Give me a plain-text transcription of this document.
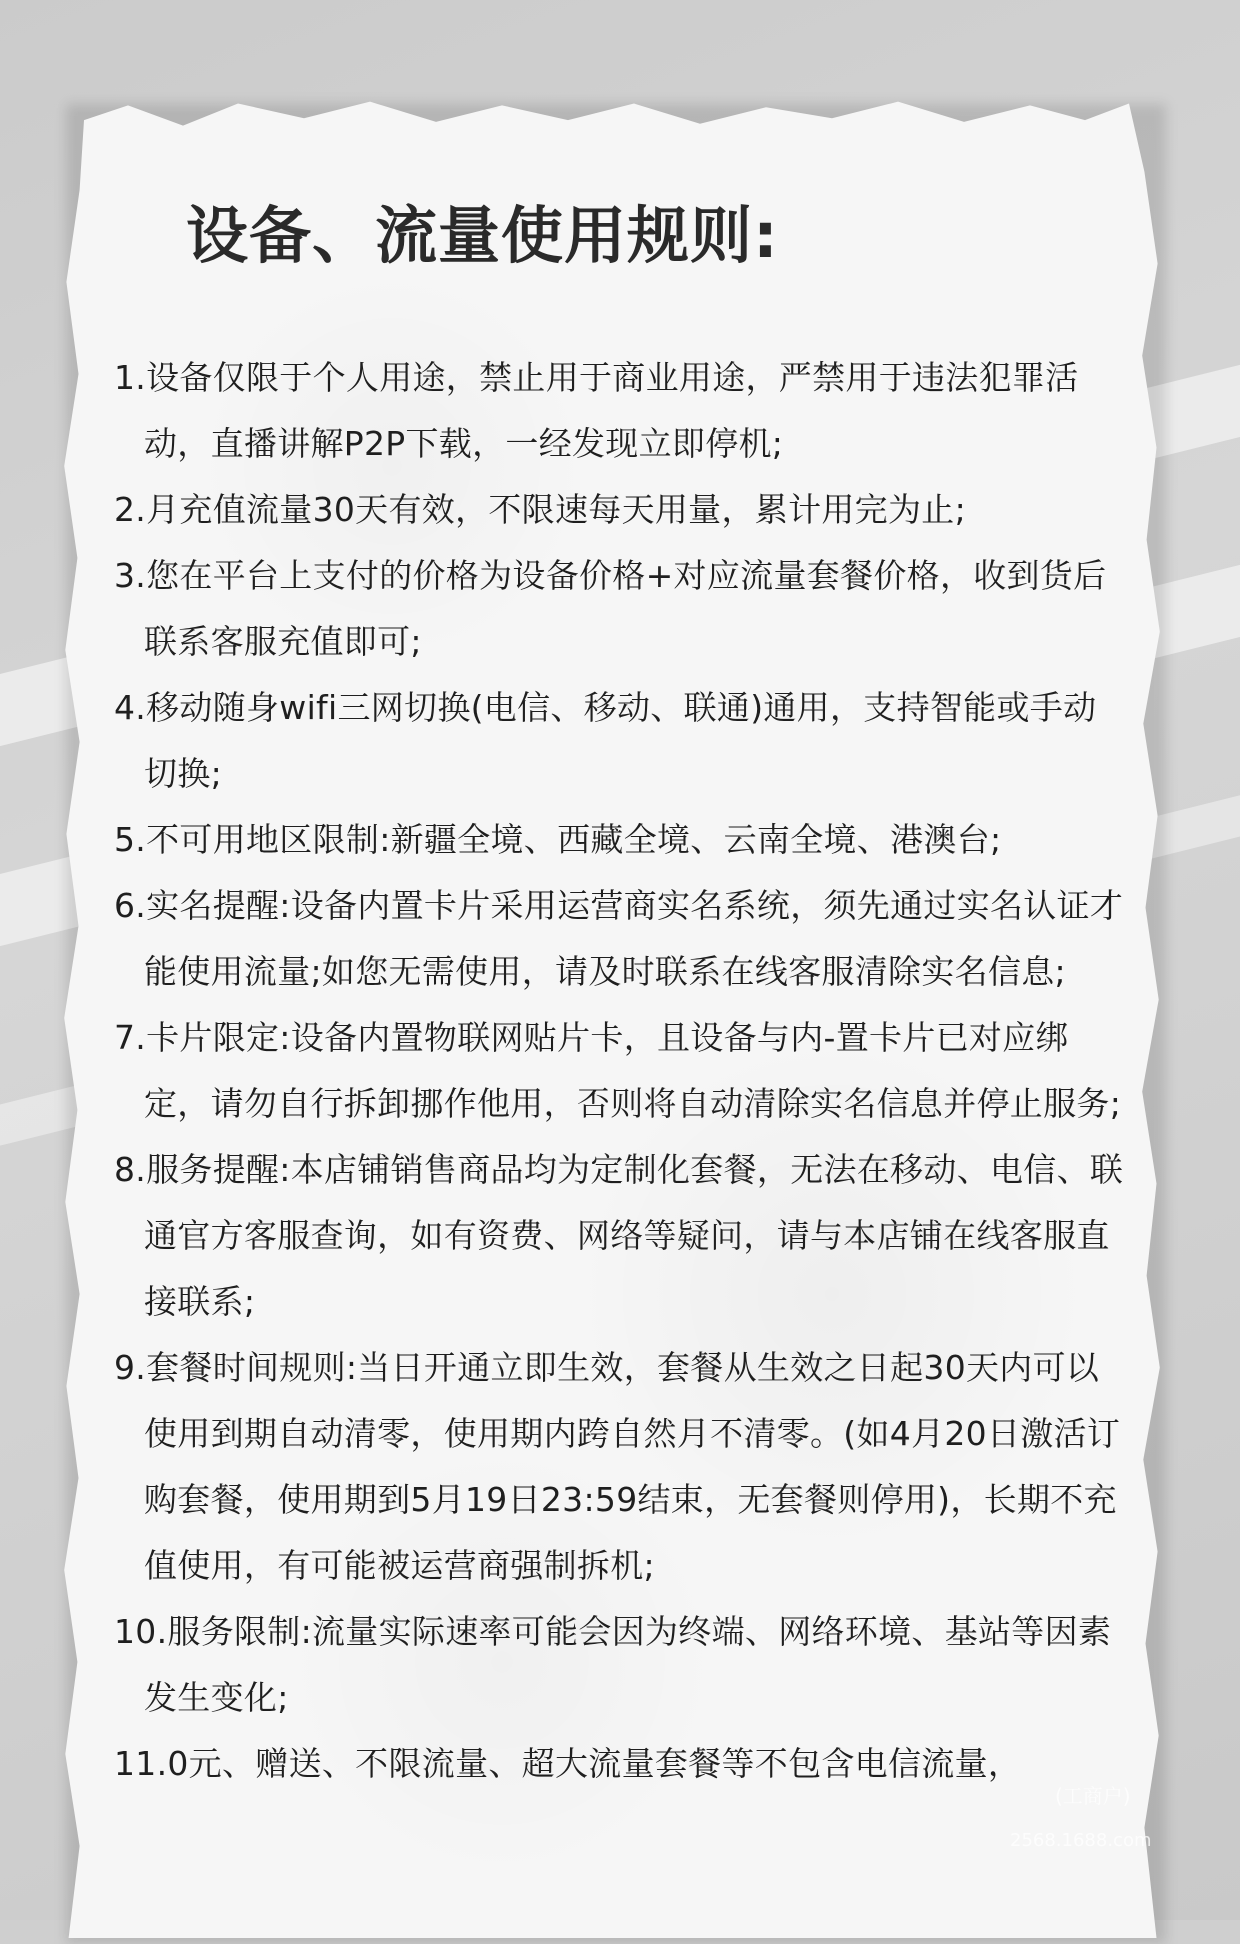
设备、流量使用规则:
1.设备仅限于个人用途，禁止用于商业用途，严禁用于违法犯罪活动，直播讲解P2P下载，一经发现立即停机;
2.月充值流量30天有效，不限速每天用量，累计用完为止;
3.您在平台上支付的价格为设备价格+对应流量套餐价格，收到货后联系客服充值即可;
4.移动随身wifi三网切换(电信、移动、联通)通用，支持智能或手动切换;
5.不可用地区限制:新疆全境、西藏全境、云南全境、港澳台;
6.实名提醒:设备内置卡片采用运营商实名系统，须先通过实名认证才能使用流量;如您无需使用，请及时联系在线客服清除实名信息;
7.卡片限定:设备内置物联网贴片卡，且设备与内-置卡片已对应绑定，请勿自行拆卸挪作他用，否则将自动清除实名信息并停止服务;
8.服务提醒:本店铺销售商品均为定制化套餐，无法在移动、电信、联通官方客服查询，如有资费、网络等疑问，请与本店铺在线客服直接联系;
9.套餐时间规则:当日开通立即生效，套餐从生效之日起30天内可以使用到期自动清零，使用期内跨自然月不清零。(如4月20日激活订购套餐，使用期到5月19日23:59结束，无套餐则停用)，长期不充值使用，有可能被运营商强制拆机;
10.服务限制:流量实际速率可能会因为终端、网络环境、基站等因素发生变化;
11.0元、赠送、不限流量、超大流量套餐等不包含电信流量，
(工商户)
2568.1688.com
